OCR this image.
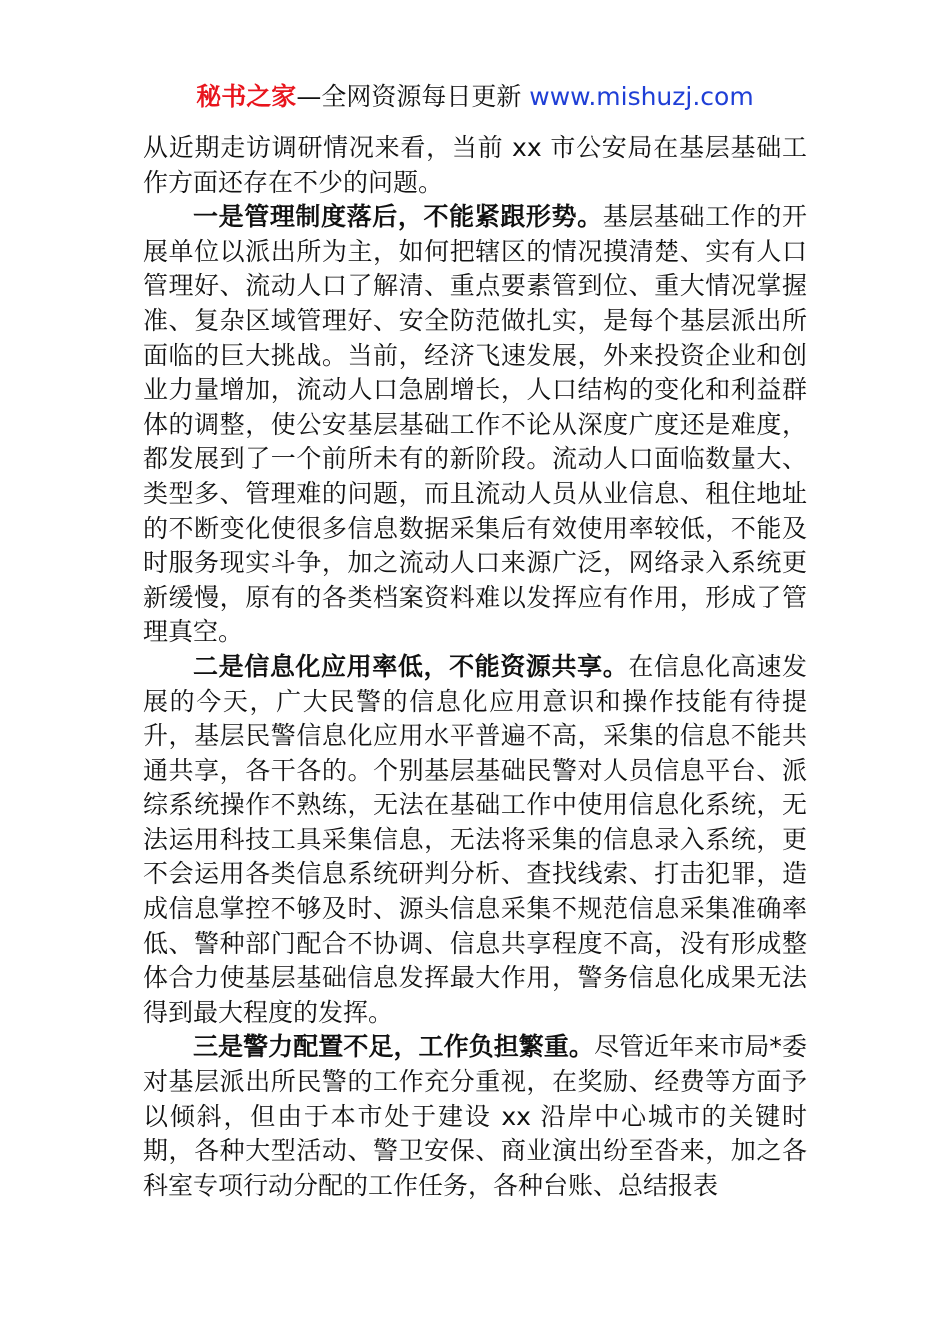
秘书之家—全网资源每日更新 www.mishuzj.com

从近期走访调研情况来看，当前 xx 市公安局在基层基础工作方面还存在不少的问题。

一是管理制度落后，不能紧跟形势。基层基础工作的开展单位以派出所为主，如何把辖区的情况摸清楚、实有人口管理好、流动人口了解清、重点要素管到位、重大情况掌握准、复杂区域管理好、安全防范做扎实，是每个基层派出所面临的巨大挑战。当前，经济飞速发展，外来投资企业和创业力量增加，流动人口急剧增长，人口结构的变化和利益群体的调整，使公安基层基础工作不论从深度广度还是难度，都发展到了一个前所未有的新阶段。流动人口面临数量大、类型多、管理难的问题，而且流动人员从业信息、租住地址的不断变化使很多信息数据采集后有效使用率较低，不能及时服务现实斗争，加之流动人口来源广泛，网络录入系统更新缓慢，原有的各类档案资料难以发挥应有作用，形成了管理真空。

二是信息化应用率低，不能资源共享。在信息化高速发展的今天，广大民警的信息化应用意识和操作技能有待提升，基层民警信息化应用水平普遍不高，采集的信息不能共通共享，各干各的。个别基层基础民警对人员信息平台、派综系统操作不熟练，无法在基础工作中使用信息化系统，无法运用科技工具采集信息，无法将采集的信息录入系统，更不会运用各类信息系统研判分析、查找线索、打击犯罪，造成信息掌控不够及时、源头信息采集不规范信息采集准确率低、警种部门配合不协调、信息共享程度不高，没有形成整体合力使基层基础信息发挥最大作用，警务信息化成果无法得到最大程度的发挥。

三是警力配置不足，工作负担繁重。尽管近年来市局*委对基层派出所民警的工作充分重视，在奖励、经费等方面予以倾斜，但由于本市处于建设 xx 沿岸中心城市的关键时期，各种大型活动、警卫安保、商业演出纷至沓来，加之各科室专项行动分配的工作任务，各种台账、总结报表
